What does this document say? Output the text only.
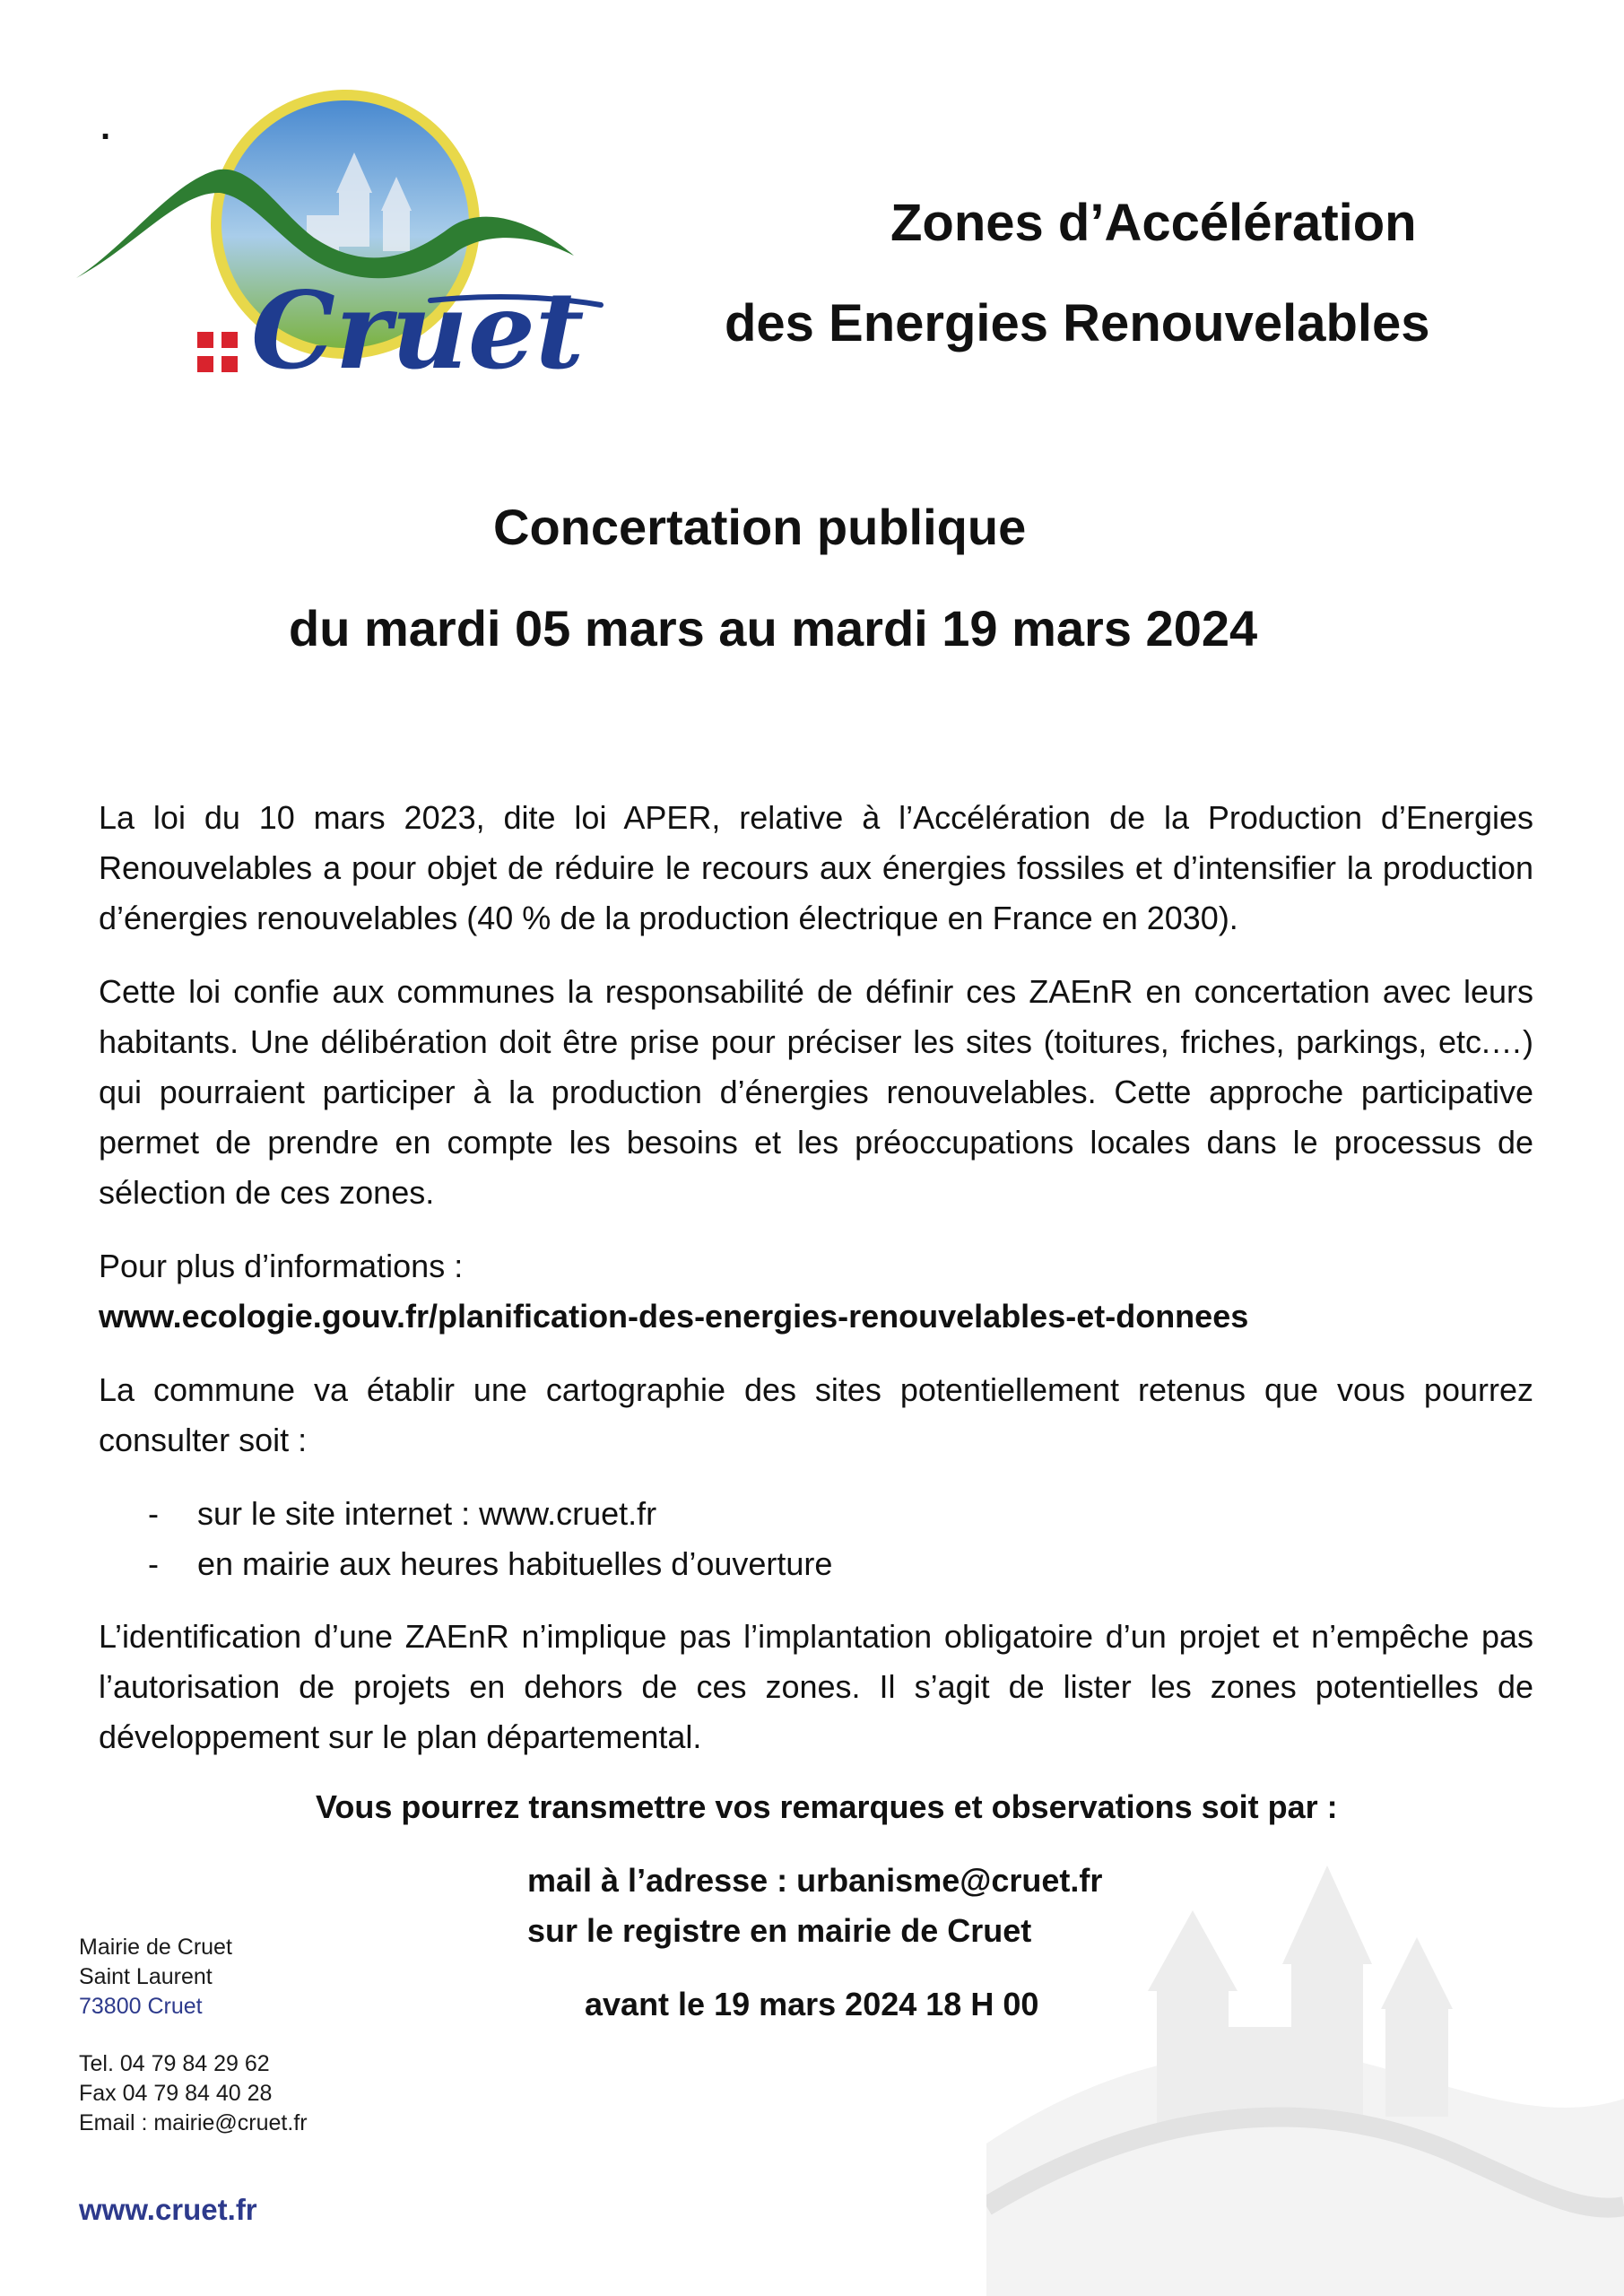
Cruet
.
Zones d’Accélération
des Energies Renouvelables
Concertation publique
du mardi 05 mars au mardi 19 mars 2024
La loi du 10 mars 2023, dite loi APER, relative à l’Accélération de la Production d’Energies Renouvelables a pour objet de réduire le recours aux énergies fossiles et d’intensifier la production d’énergies renouvelables (40 % de la production électrique en France en 2030).
Cette loi confie aux communes la responsabilité de définir ces ZAEnR en concertation avec leurs habitants. Une délibération doit être prise pour préciser les sites (toitures, friches, parkings, etc.…) qui pourraient participer à la production d’énergies renouvelables. Cette approche participative permet de prendre en compte les besoins et les préoccupations locales dans le processus de sélection de ces zones.
Pour plus d’informations :
www.ecologie.gouv.fr/planification-des-energies-renouvelables-et-donnees
La commune va établir une cartographie des sites potentiellement retenus que vous pourrez consulter soit :
- sur le site internet : www.cruet.fr
- en mairie aux heures habituelles d’ouverture
L’identification d’une ZAEnR n’implique pas l’implantation obligatoire d’un projet et n’empêche pas l’autorisation de projets en dehors de ces zones. Il s’agit de lister les zones potentielles de développement sur le plan départemental.
Vous pourrez transmettre vos remarques et observations soit par :
mail à l’adresse : urbanisme@cruet.fr
sur le registre en mairie de Cruet
avant le 19 mars 2024 18 H 00
Mairie de Cruet
Saint Laurent
73800 Cruet
Tel. 04 79 84 29 62
Fax 04 79 84 40 28
Email : mairie@cruet.fr
www.cruet.fr
